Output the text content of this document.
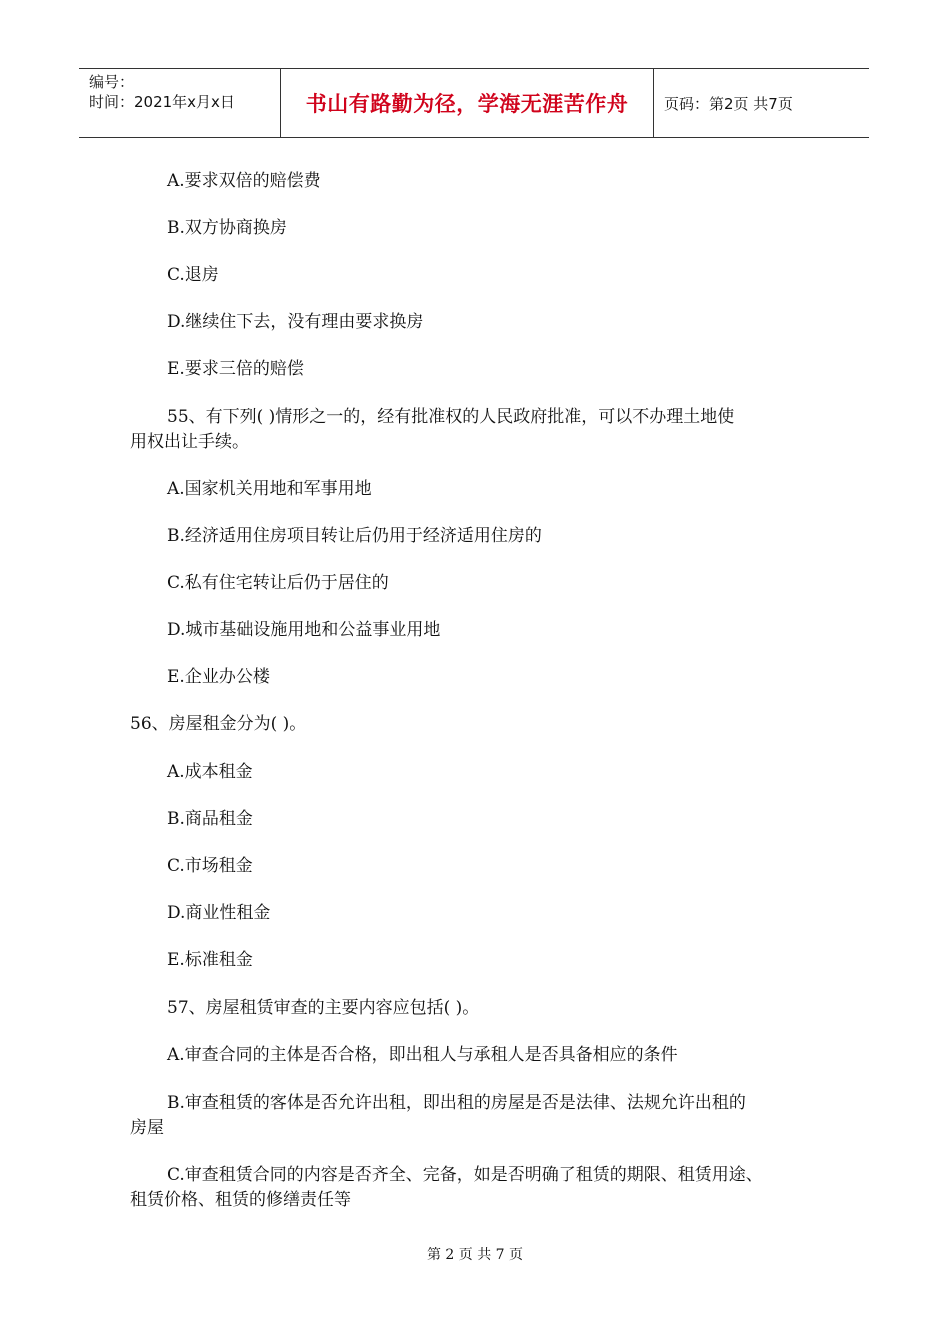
编号：
时间：2021年x月x日	书山有路勤为径，学海无涯苦作舟	页码：第2页 共7页
A.要求双倍的赔偿费
B.双方协商换房
C.退房
D.继续住下去，没有理由要求换房
E.要求三倍的赔偿
55、有下列( )情形之一的，经有批准权的人民政府批准，可以不办理土地使
用权出让手续。
A.国家机关用地和军事用地
B.经济适用住房项目转让后仍用于经济适用住房的
C.私有住宅转让后仍于居住的
D.城市基础设施用地和公益事业用地
E.企业办公楼
56、房屋租金分为( )。
A.成本租金
B.商品租金
C.市场租金
D.商业性租金
E.标准租金
57、房屋租赁审查的主要内容应包括( )。
A.审查合同的主体是否合格，即出租人与承租人是否具备相应的条件
B.审查租赁的客体是否允许出租，即出租的房屋是否是法律、法规允许出租的
房屋
C.审查租赁合同的内容是否齐全、完备，如是否明确了租赁的期限、租赁用途、
租赁价格、租赁的修缮责任等
第 2 页 共 7 页
